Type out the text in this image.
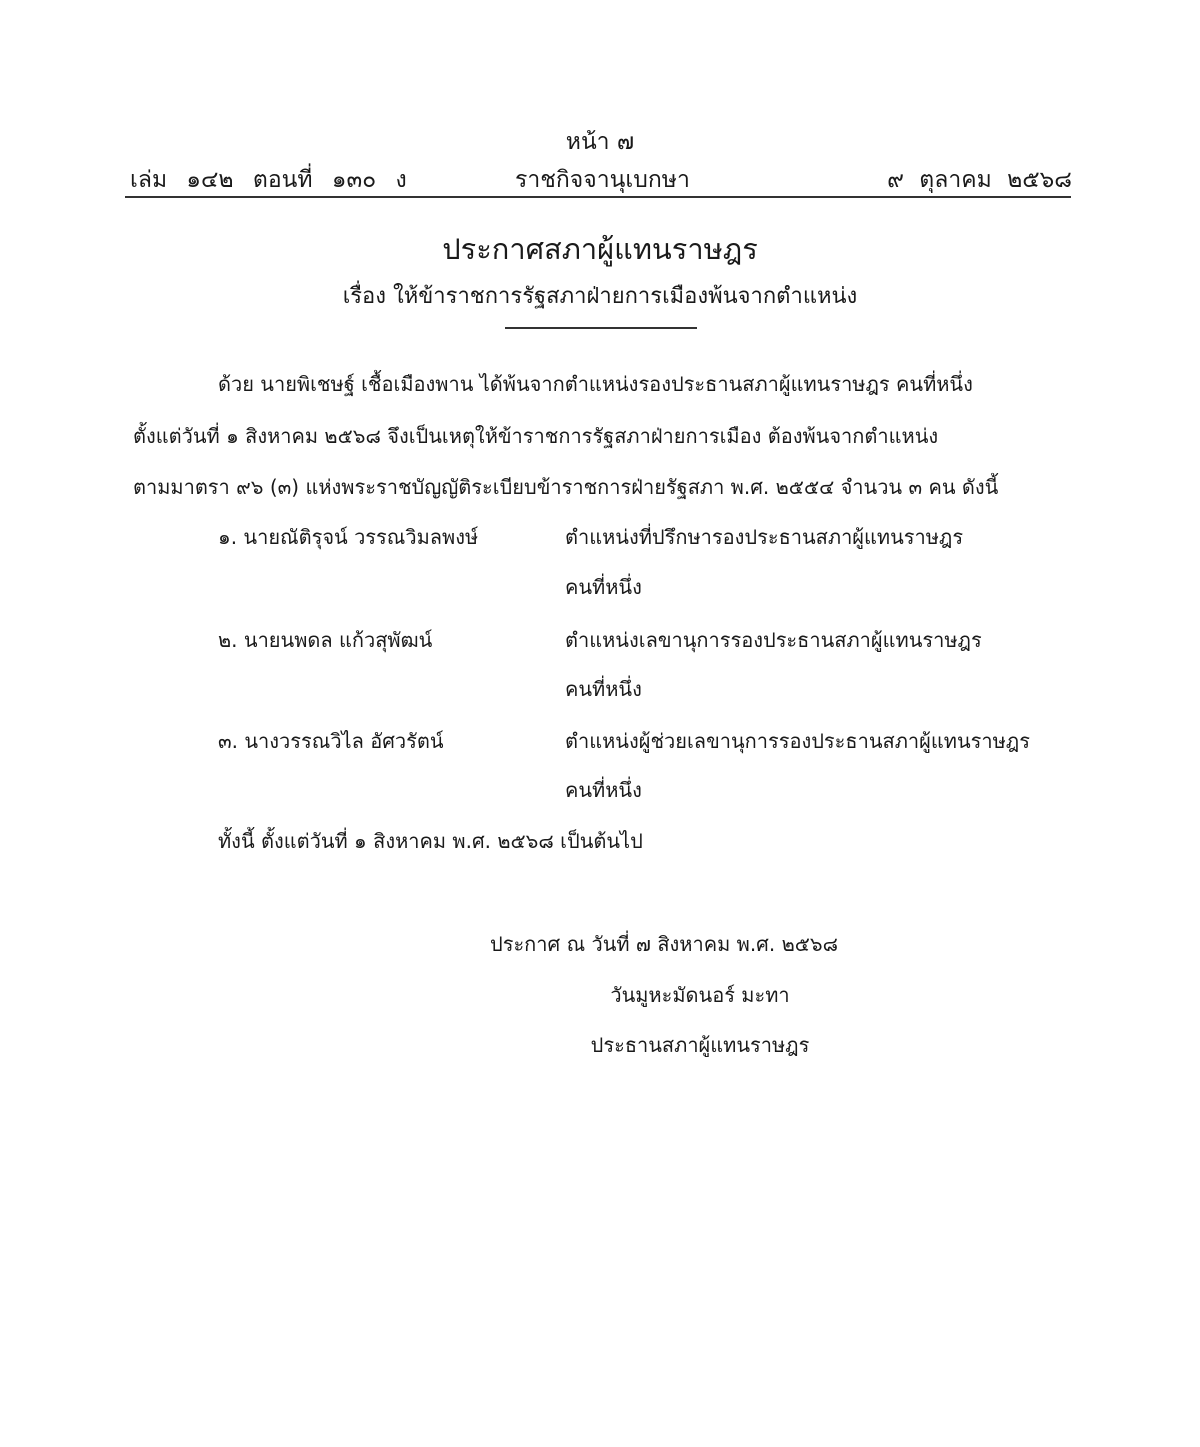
หน้า ๗
เล่ม ๑๔๒ ตอนที่ ๑๓๐ ง	ราชกิจจานุเบกษา	๙ ตุลาคม ๒๕๖๘
ประกาศสภาผู้แทนราษฎร
เรื่อง ให้ข้าราชการรัฐสภาฝ่ายการเมืองพ้นจากตำแหน่ง
ด้วย นายพิเชษฐ์ เชื้อเมืองพาน ได้พ้นจากตำแหน่งรองประธานสภาผู้แทนราษฎร คนที่หนึ่ง
ตั้งแต่วันที่ ๑ สิงหาคม ๒๕๖๘ จึงเป็นเหตุให้ข้าราชการรัฐสภาฝ่ายการเมือง ต้องพ้นจากตำแหน่ง
ตามมาตรา ๙๖ (๓) แห่งพระราชบัญญัติระเบียบข้าราชการฝ่ายรัฐสภา พ.ศ. ๒๕๕๔ จำนวน ๓ คน ดังนี้
๑. นายณัติรุจน์ วรรณวิมลพงษ์	ตำแหน่งที่ปรึกษารองประธานสภาผู้แทนราษฎร
คนที่หนึ่ง
๒. นายนพดล แก้วสุพัฒน์	ตำแหน่งเลขานุการรองประธานสภาผู้แทนราษฎร
คนที่หนึ่ง
๓. นางวรรณวิไล อัศวรัตน์	ตำแหน่งผู้ช่วยเลขานุการรองประธานสภาผู้แทนราษฎร
คนที่หนึ่ง
ทั้งนี้ ตั้งแต่วันที่ ๑ สิงหาคม พ.ศ. ๒๕๖๘ เป็นต้นไป
ประกาศ ณ วันที่ ๗ สิงหาคม พ.ศ. ๒๕๖๘
วันมูหะมัดนอร์ มะทา
ประธานสภาผู้แทนราษฎร
